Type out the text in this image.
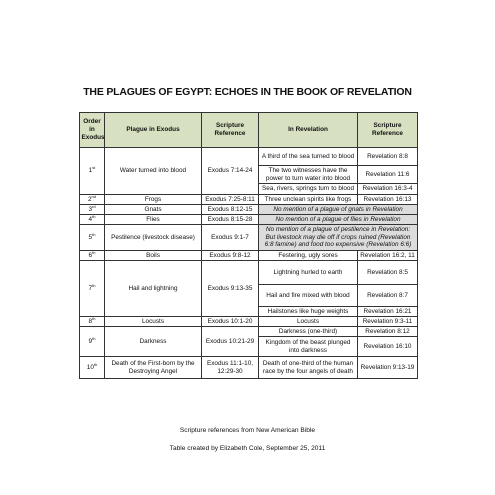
THE PLAGUES OF EGYPT: ECHOES IN THE BOOK OF REVELATION
Order in Exodus	Plague in Exodus	Scripture Reference	In Revelation	Scripture Reference
1st	Water turned into blood	Exodus 7:14-24	A third of the sea turned to blood	Revelation 8:8
			The two witnesses have the power to turn water into blood	Revelation 11:6
			Sea, rivers, springs turn to blood	Revelation 16:3-4
2nd	Frogs	Exodus 7:25-8:11	Three unclean spirits like frogs	Revelation 16:13
3rd	Gnats	Exodus 8:12-15	No mention of a plague of gnats in Revelation	
4th	Flies	Exodus 8:15-28	No mention of a plague of flies in Revelation	
5th	Pestilence (livestock disease)	Exodus 9:1-7	No mention of a plague of pestilence in Revelation: But livestock may die off if crops ruined (Revelation 6:8 famine) and food too expensive (Revelation 6:6)	
6th	Boils	Exodus 9:8-12	Festering, ugly sores	Revelation 16:2, 11
7th	Hail and lightning	Exodus 9:13-35	Lightning hurled to earth	Revelation 8:5
			Hail and fire mixed with blood	Revelation 8:7
			Hailstones like huge weights	Revelation 16:21
8th	Locusts	Exodus 10:1-20	Locusts	Revelation 9:3-11
9th	Darkness	Exodus 10:21-29	Darkness (one-third)	Revelation 8:12
			Kingdom of the beast plunged into darkness	Revelation 16:10
10th	Death of the First-born by the Destroying Angel	Exodus 11:1-10, 12:29-30	Death of one-third of the human race by the four angels of death	Revelation 9:13-19
Scripture references from New American Bible
Table created by Elizabeth Cole, September 25, 2011
